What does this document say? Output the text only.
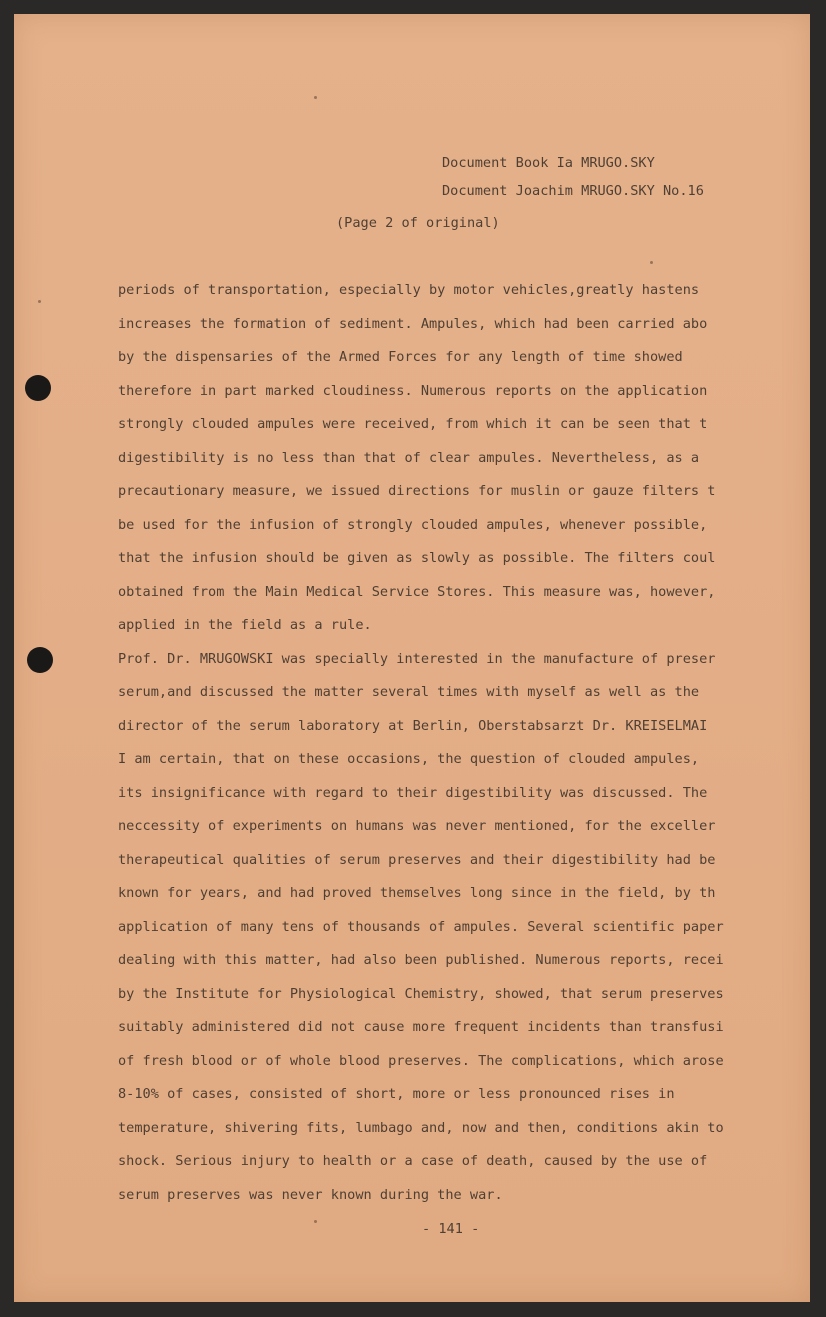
Document Book Ia MRUGO.SKY
Document Joachim MRUGO.SKY No.16
(Page 2 of original)
periods of transportation, especially by motor vehicles,greatly hastens
increases the formation of sediment. Ampules, which had been carried abo
by the dispensaries of the Armed Forces for any length of time showed
therefore in part marked cloudiness. Numerous reports on the application
strongly clouded ampules were received, from which it can be seen that t
digestibility is no less than that of clear ampules. Nevertheless, as a
precautionary measure, we issued directions for muslin or gauze filters t
be used for the infusion of strongly clouded ampules, whenever possible,
that the infusion should be given as slowly as possible. The filters coul
obtained from the Main Medical Service Stores. This measure was, however,
applied in the field as a rule.
Prof. Dr. MRUGOWSKI was specially interested in the manufacture of preser
serum,and discussed the matter several times with myself as well as the
director of the serum laboratory at Berlin, Oberstabsarzt Dr. KREISELMAI
I am certain, that on these occasions, the question of clouded ampules,
its insignificance with regard to their digestibility was discussed. The
neccessity of experiments on humans was never mentioned, for the exceller
therapeutical qualities of serum preserves and their digestibility had be
known for years, and had proved themselves long since in the field, by th
application of many tens of thousands of ampules. Several scientific paper
dealing with this matter, had also been published. Numerous reports, recei
by the Institute for Physiological Chemistry, showed, that serum preserves
suitably administered did not cause more frequent incidents than transfusi
of fresh blood or of whole blood preserves. The complications, which arose
8-10% of cases, consisted of short, more or less pronounced rises in
temperature, shivering fits, lumbago and, now and then, conditions akin to
shock. Serious injury to health or a case of death, caused by the use of
serum preserves was never known during the war.
- 141 -
